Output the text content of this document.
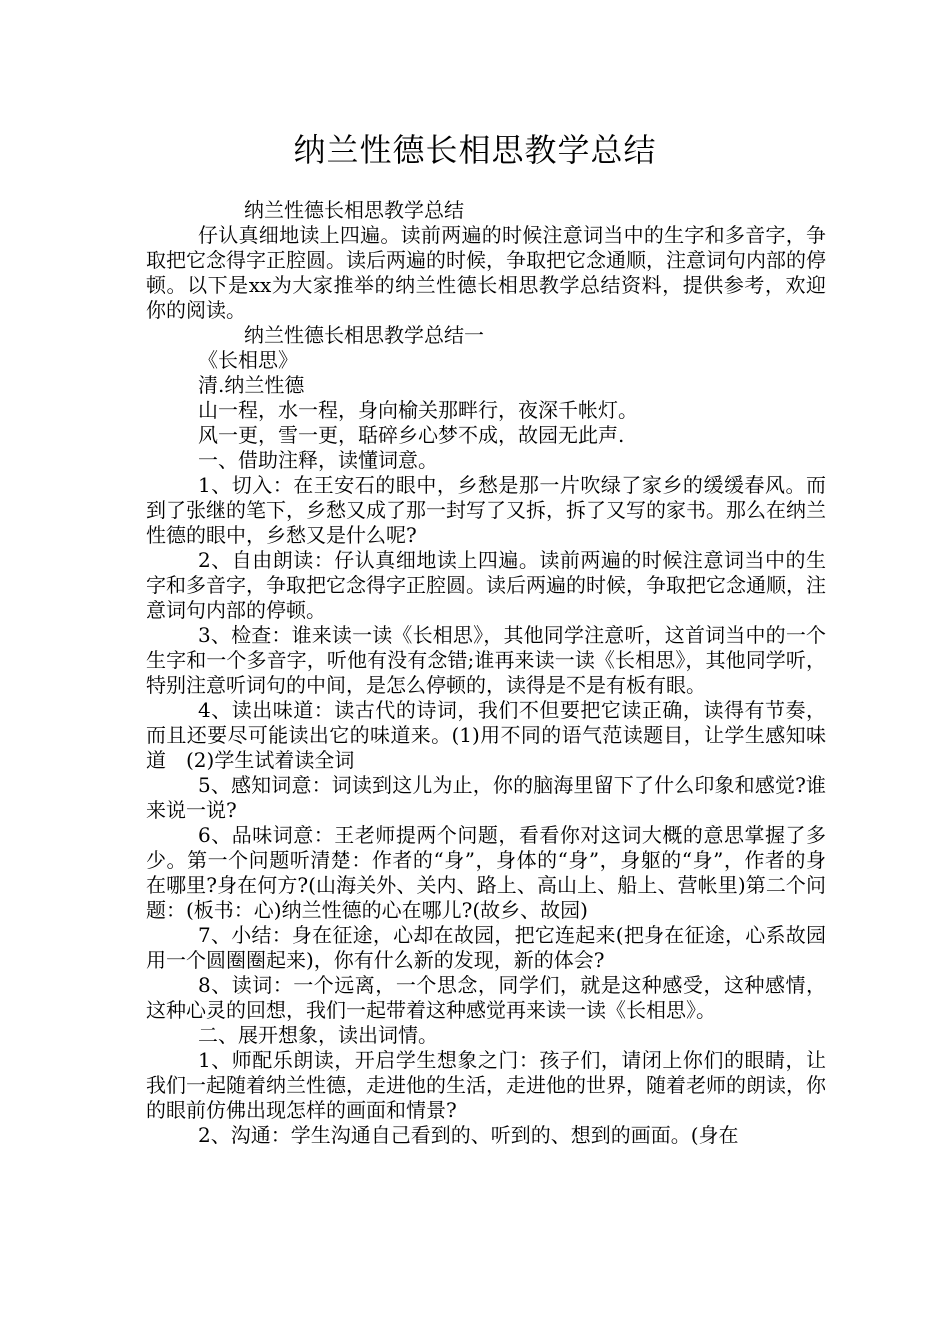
纳兰性德长相思教学总结

纳兰性德长相思教学总结

仔认真细地读上四遍。读前两遍的时候注意词当中的生字和多音字，争取把它念得字正腔圆。读后两遍的时候，争取把它念通顺，注意词句内部的停顿。以下是xx为大家推举的纳兰性德长相思教学总结资料，提供参考，欢迎你的阅读。

纳兰性德长相思教学总结一

《长相思》

清.纳兰性德

山一程，水一程，身向榆关那畔行，夜深千帐灯。

风一更，雪一更，聒碎乡心梦不成，故园无此声.

一、借助注释，读懂词意。

1、切入：在王安石的眼中，乡愁是那一片吹绿了家乡的缓缓春风。而到了张继的笔下，乡愁又成了那一封写了又拆，拆了又写的家书。那么在纳兰性德的眼中，乡愁又是什么呢?

2、自由朗读：仔认真细地读上四遍。读前两遍的时候注意词当中的生字和多音字，争取把它念得字正腔圆。读后两遍的时候，争取把它念通顺，注意词句内部的停顿。

3、检查：谁来读一读《长相思》，其他同学注意听，这首词当中的一个生字和一个多音字，听他有没有念错;谁再来读一读《长相思》，其他同学听，特别注意听词句的中间，是怎么停顿的，读得是不是有板有眼。

4、读出味道：读古代的诗词，我们不但要把它读正确，读得有节奏，而且还要尽可能读出它的味道来。(1)用不同的语气范读题目，让学生感知味道　(2)学生试着读全词

5、感知词意：词读到这儿为止，你的脑海里留下了什么印象和感觉?谁来说一说?

6、品味词意：王老师提两个问题，看看你对这词大概的意思掌握了多少。第一个问题听清楚：作者的“身”，身体的“身”，身躯的“身”，作者的身在哪里?身在何方?(山海关外、关内、路上、高山上、船上、营帐里)第二个问题：(板书：心)纳兰性德的心在哪儿?(故乡、故园)

7、小结：身在征途，心却在故园，把它连起来(把身在征途，心系故园用一个圆圈圈起来)，你有什么新的发现，新的体会?

8、读词：一个远离，一个思念，同学们，就是这种感受，这种感情，这种心灵的回想，我们一起带着这种感觉再来读一读《长相思》。

二、展开想象，读出词情。

1、师配乐朗读，开启学生想象之门：孩子们，请闭上你们的眼睛，让我们一起随着纳兰性德，走进他的生活，走进他的世界，随着老师的朗读，你的眼前仿佛出现怎样的画面和情景?

2、沟通：学生沟通自己看到的、听到的、想到的画面。(身在
